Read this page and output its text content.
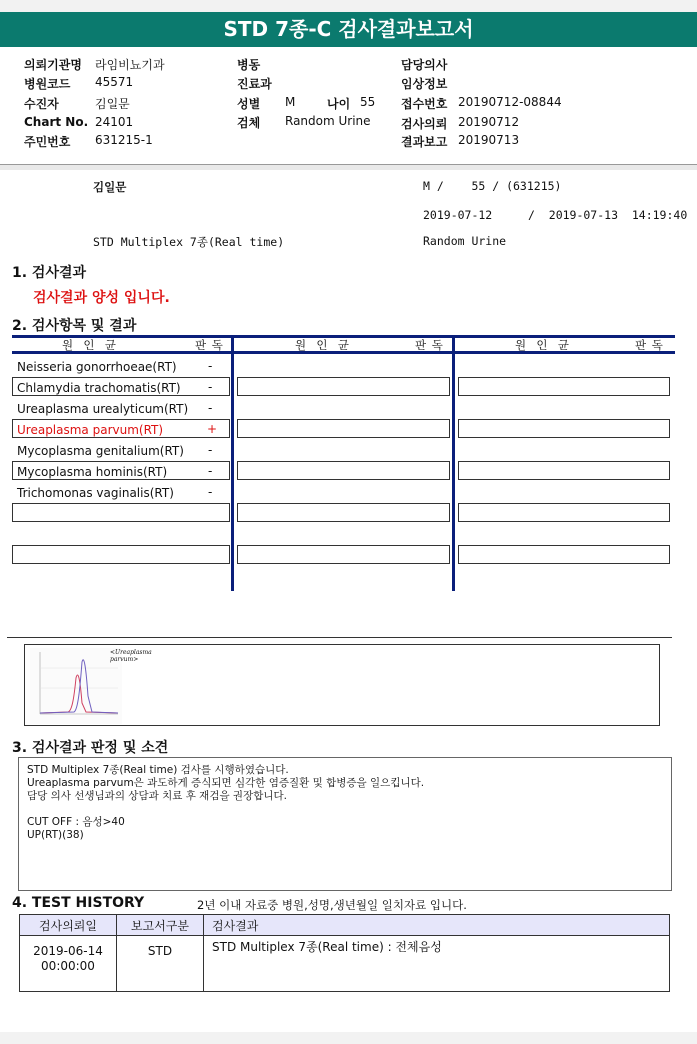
STD 7종-C 검사결과보고서
의뢰기관명 라임비뇨기과
병원코드 45571
수진자	김일문
Chart No. 24101
주민번호 631215-1
병동
진료과
성별 M	나이 55
검체 Random Urine
담당의사
임상정보
접수번호 20190712-08844
검사의뢰 20190712
결과보고 20190713
김일문	M /    55 / (631215)
2019-07-12	/  2019-07-13  14:19:40
STD Multiplex 7종(Real time)	Random Urine
1. 검사결과
검사결과 양성 입니다.
2. 검사항목 및 결과
원  인  균	판 독	원  인  균	판 독	원  인  균	판 독
Neisseria gonorrhoeae(RT)	-
Chlamydia trachomatis(RT) -
Ureaplasma urealyticum(RT) -
Ureaplasma parvum(RT)	+
Mycoplasma genitalium(RT) -
Mycoplasma hominis(RT)	-
Trichomonas vaginalis(RT)	-
<Ureaplasma
parvum>
3. 검사결과 판정 및 소견
STD Multiplex 7종(Real time) 검사를 시행하였습니다.
Ureaplasma parvum은 과도하게 증식되면 심각한 염증질환 및 합병증을 일으킵니다.
담당 의사 선생님과의 상담과 치료 후 재검을 권장합니다.
CUT OFF : 음성>40
UP(RT)(38)
4. TEST HISTORY	2년 이내 자료중 병원,성명,생년월일 일치자료 입니다.
검사의뢰일	보고서구분	검사결과

2019-06-14
00:00:00	STD	STD Multiplex 7종(Real time) : 전체음성
